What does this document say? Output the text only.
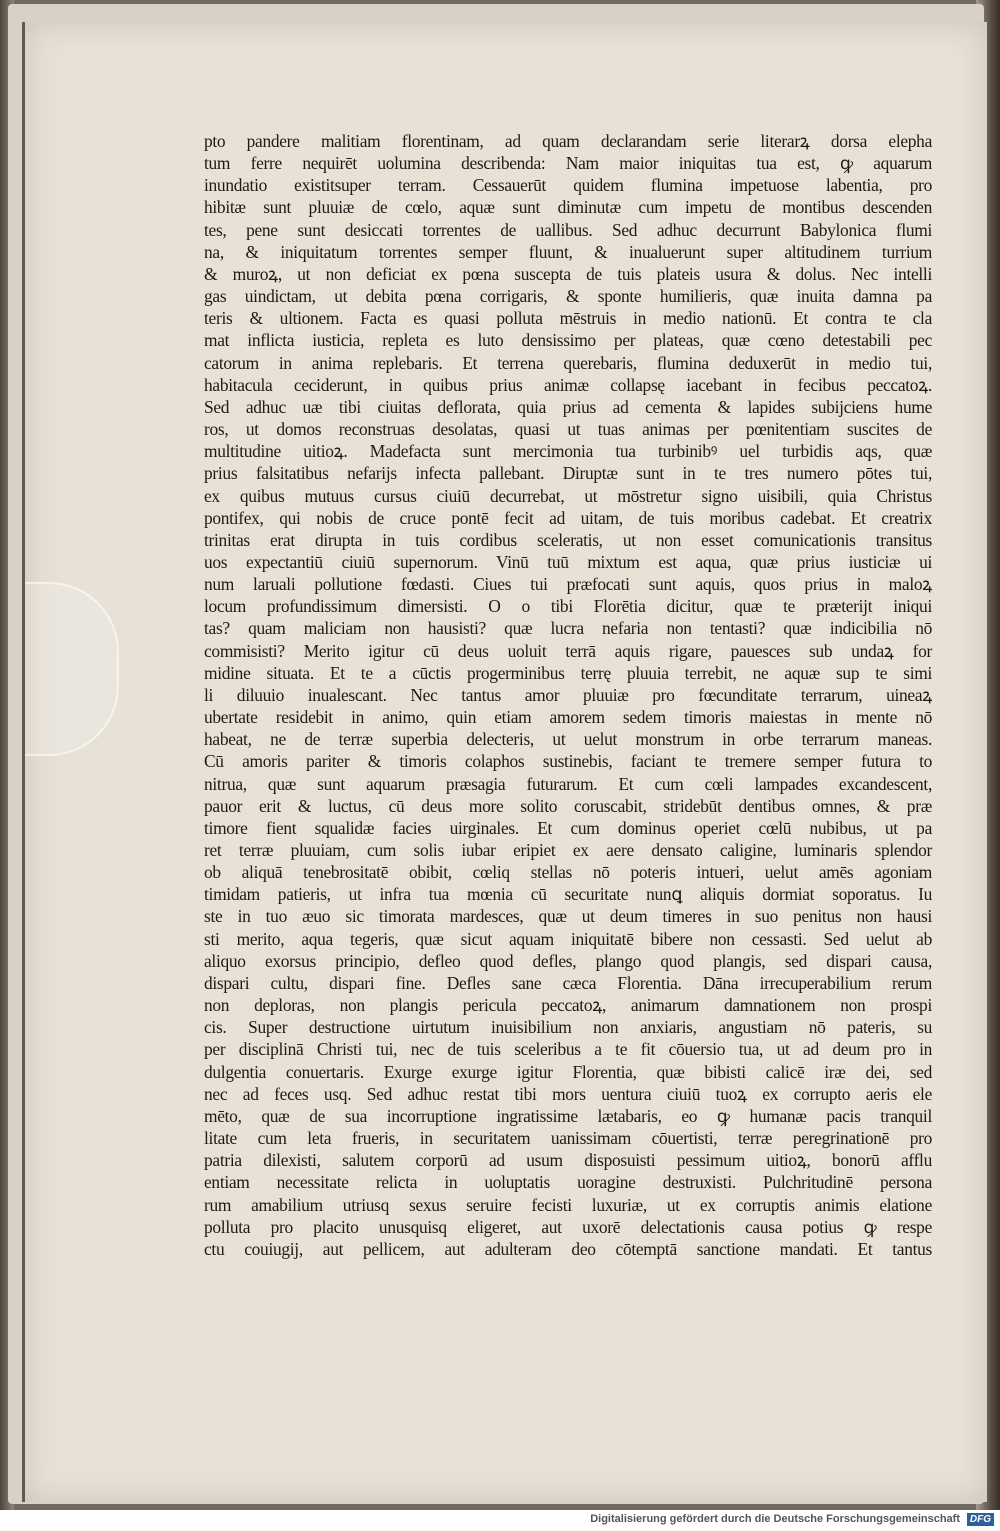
pto pandere malitiam florentinam, ad quam declarandam serie literarꝝ dorsa elepha
tum ferre nequirēt uolumina describenda: Nam maior iniquitas tua est, ꝙ aquarum
inundatio existitsuper terram. Cessauerūt quidem flumina impetuose labentia, pro
hibitæ sunt pluuiæ de cœlo, aquæ sunt diminutæ cum impetu de montibus descenden
tes, pene sunt desiccati torrentes de uallibus. Sed adhuc decurrunt Babylonica flumi
na, & iniquitatum torrentes semper fluunt, & inualuerunt super altitudinem turrium
& muroꝝ, ut non deficiat ex pœna suscepta de tuis plateis usura & dolus. Nec intelli
gas uindictam, ut debita pœna corrigaris, & sponte humilieris, quæ inuita damna pa
teris & ultionem. Facta es quasi polluta mēstruis in medio nationū. Et contra te cla
mat inflicta iusticia, repleta es luto densissimo per plateas, quæ cœno detestabili pec
catorum in anima replebaris. Et terrena querebaris, flumina deduxerūt in medio tui,
habitacula ceciderunt, in quibus prius animæ collapsę iacebant in fecibus peccatoꝝ.
Sed adhuc uæ tibi ciuitas deflorata, quia prius ad cementa & lapides subijciens hume
ros, ut domos reconstruas desolatas, quasi ut tuas animas per pœnitentiam suscites de
multitudine uitioꝝ. Madefacta sunt mercimonia tua turbinibꝰ uel turbidis aqs, quæ
prius falsitatibus nefarijs infecta pallebant. Diruptæ sunt in te tres numero pōtes tui,
ex quibus mutuus cursus ciuiū decurrebat, ut mōstretur signo uisibili, quia Christus
pontifex, qui nobis de cruce pontē fecit ad uitam, de tuis moribus cadebat. Et creatrix
trinitas erat dirupta in tuis cordibus sceleratis, ut non esset comunicationis transitus
uos expectantiū ciuiū supernorum. Vinū tuū mixtum est aqua, quæ prius iusticiæ ui
num laruali pollutione fœdasti. Ciues tui præfocati sunt aquis, quos prius in maloꝝ
locum profundissimum dimersisti. O o tibi Florētia dicitur, quæ te præterijt iniqui
tas? quam maliciam non hausisti? quæ lucra nefaria non tentasti? quæ indicibilia nō
commisisti? Merito igitur cū deus uoluit terrā aquis rigare, pauesces sub undaꝝ for
midine situata. Et te a cūctis progerminibus terrę pluuia terrebit, ne aquæ sup te simi
li diluuio inualescant. Nec tantus amor pluuiæ pro fœcunditate terrarum, uineaꝝ
ubertate residebit in animo, quin etiam amorem sedem timoris maiestas in mente nō
habeat, ne de terræ superbia delecteris, ut uelut monstrum in orbe terrarum maneas.
Cū amoris pariter & timoris colaphos sustinebis, faciant te tremere semper futura to
nitrua, quæ sunt aquarum præsagia futurarum. Et cum cœli lampades excandescent,
pauor erit & luctus, cū deus more solito coruscabit, stridebūt dentibus omnes, & præ
timore fient squalidæ facies uirginales. Et cum dominus operiet cœlū nubibus, ut pa
ret terræ pluuiam, cum solis iubar eripiet ex aere densato caligine, luminaris splendor
ob aliquā tenebrositatē obibit, cœliq stellas nō poteris intueri, uelut amēs agoniam
timidam patieris, ut infra tua mœnia cū securitate nunꝗ aliquis dormiat soporatus. Iu
ste in tuo æuo sic timorata mardesces, quæ ut deum timeres in suo penitus non hausi
sti merito, aqua tegeris, quæ sicut aquam iniquitatē bibere non cessasti. Sed uelut ab
aliquo exorsus principio, defleo quod defles, plango quod plangis, sed dispari causa,
dispari cultu, dispari fine. Defles sane cæca Florentia. Dāna irrecuperabilium rerum
non deploras, non plangis pericula peccatoꝝ, animarum damnationem non prospi
cis. Super destructione uirtutum inuisibilium non anxiaris, angustiam nō pateris, su
per disciplinā Christi tui, nec de tuis sceleribus a te fit cōuersio tua, ut ad deum pro in
dulgentia conuertaris. Exurge exurge igitur Florentia, quæ bibisti calicē iræ dei, sed
nec ad feces usq. Sed adhuc restat tibi mors uentura ciuiū tuoꝝ ex corrupto aeris ele
mēto, quæ de sua incorruptione ingratissime lætabaris, eo ꝙ humanæ pacis tranquil
litate cum leta frueris, in securitatem uanissimam cōuertisti, terræ peregrinationē pro
patria dilexisti, salutem corporū ad usum disposuisti pessimum uitioꝝ, bonorū afflu
entiam necessitate relicta in uoluptatis uoragine destruxisti. Pulchritudinē persona
rum amabilium utriusq sexus seruire fecisti luxuriæ, ut ex corruptis animis elatione
polluta pro placito unusquisq eligeret, aut uxorē delectationis causa potius ꝙ respe
ctu couiugij, aut pellicem, aut adulteram deo cōtemptā sanctione mandati. Et tantus
Digitalisierung gefördert durch die Deutsche Forschungsgemeinschaft DFG
